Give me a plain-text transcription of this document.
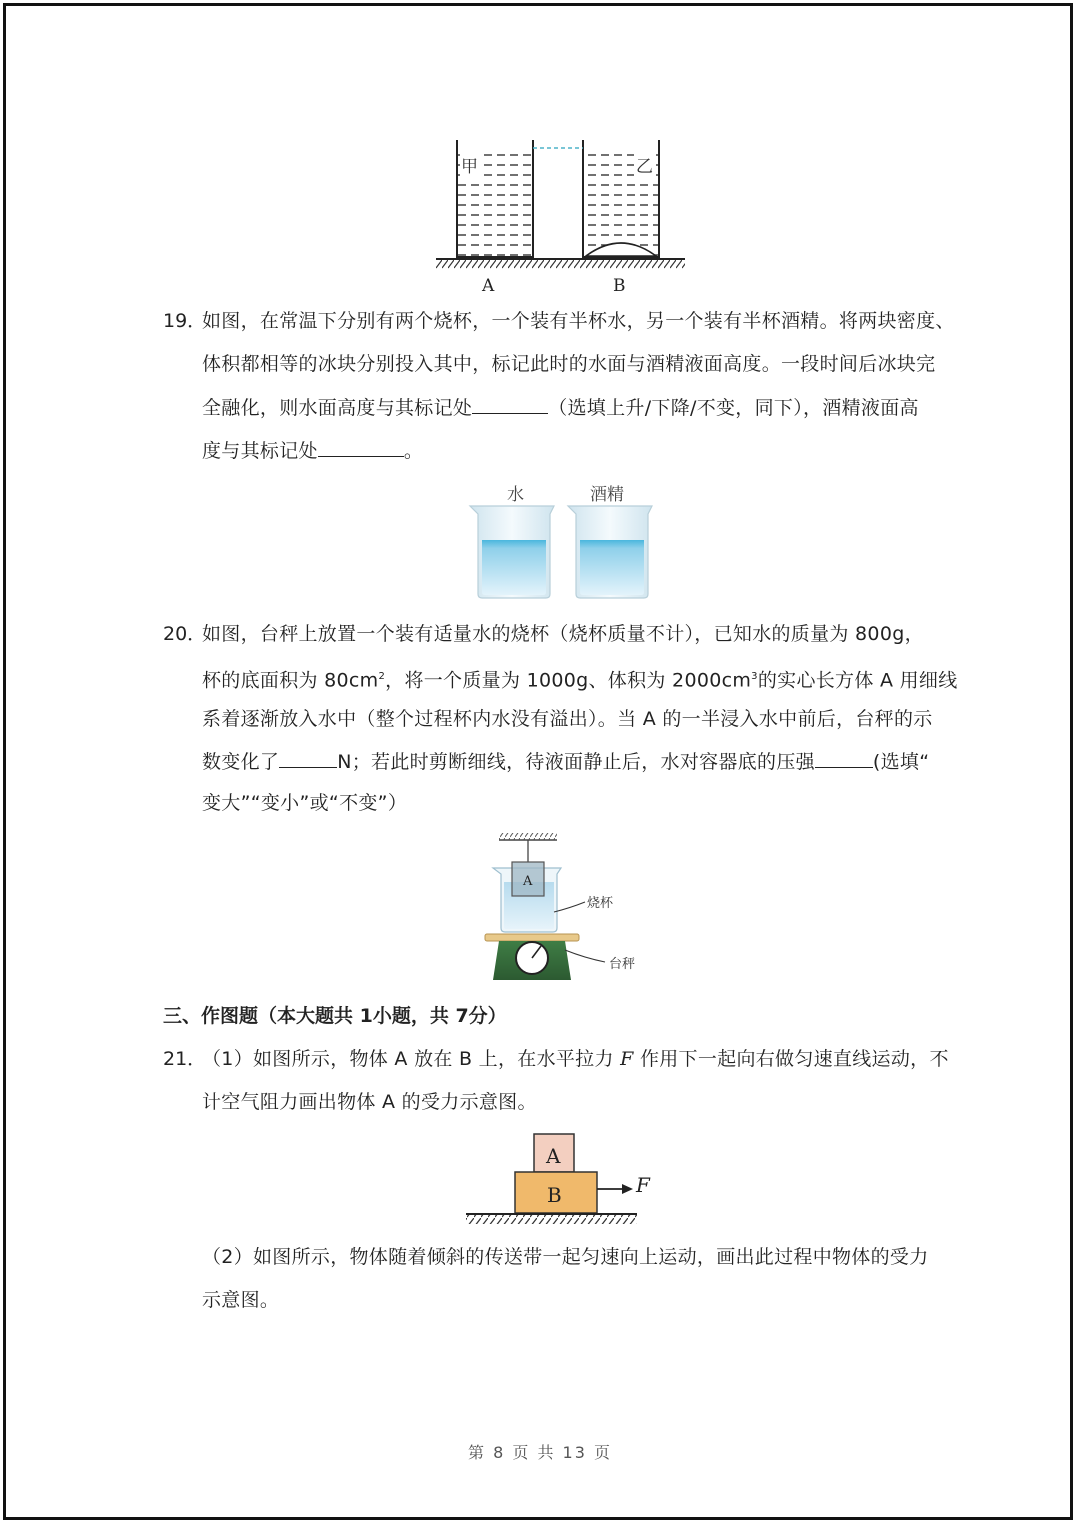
甲	乙
A	B
19．
如图，在常温下分别有两个烧杯，一个装有半杯水，另一个装有半杯酒精。将两块密度、
体积都相等的冰块分别投入其中，标记此时的水面与酒精液面高度。一段时间后冰块完
全融化，则水面高度与其标记处	（选填上升/下降/不变，同下），酒精液面高
度与其标记处	。
水	酒精
20．
如图，台秤上放置一个装有适量水的烧杯（烧杯质量不计），已知水的质量为 800g，
杯的底面积为 $80cm^2$，将一个质量为 1000g、体积为 $2000cm^3$的实心长方体 A 用细线
系着逐渐放入水中（整个过程杯内水没有溢出）。当 A 的一半浸入水中前后，台秤的示
数变化了	N；若此时剪断细线，待液面静止后，水对容器底的压强	(选填“
变大”“变小”或“不变”）
A
烧杯
台秤
三、作图题（本大题共 1小题，共 7分）
21．
（1）如图所示，物体 A 放在 B 上，在水平拉力 F 作用下一起向右做匀速直线运动，不
计空气阻力画出物体 A 的受力示意图。
A
B	F
（2）如图所示，物体随着倾斜的传送带一起匀速向上运动，画出此过程中物体的受力
示意图。
第 8 页 共 13 页
